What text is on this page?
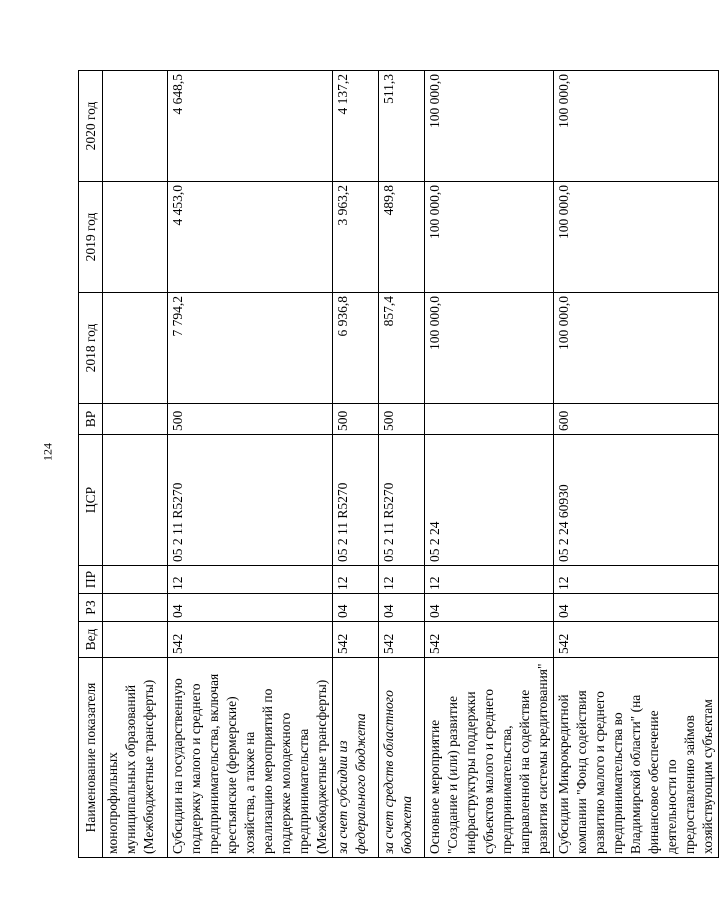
124
Наименование показателя	Вед	РЗ	ПР	ЦСР	ВР	2018 год	2019 год	2020 год
монопрофильных муниципальных образований (Межбюджетные трансферты)								
Субсидии на государственную поддержку малого и среднего предпринимательства, включая крестьянские (фермерские) хозяйства, а также на реализацию мероприятий по поддержке молодежного предпринимательства (Межбюджетные трансферты)	542	04	12	05 2 11 R5270	500	7 794,2	4 453,0	4 648,5
за счет субсидии из федерального бюджета	542	04	12	05 2 11 R5270	500	6 936,8	3 963,2	4 137,2
за счет средств областного бюджета	542	04	12	05 2 11 R5270	500	857,4	489,8	511,3
Основное мероприятие "Создание и (или) развитие инфраструктуры поддержки субъектов малого и среднего предпринимательства, направленной на содействие развития системы кредитования"	542	04	12	05 2 24		100 000,0	100 000,0	100 000,0
Субсидии Микрокредитной компании "Фонд содействия развитию малого и среднего предпринимательства во Владимирской области" (на финансовое обеспечение деятельности по предоставлению займов хозяйствующим субъектам	542	04	12	05 2 24 60930	600	100 000,0	100 000,0	100 000,0
